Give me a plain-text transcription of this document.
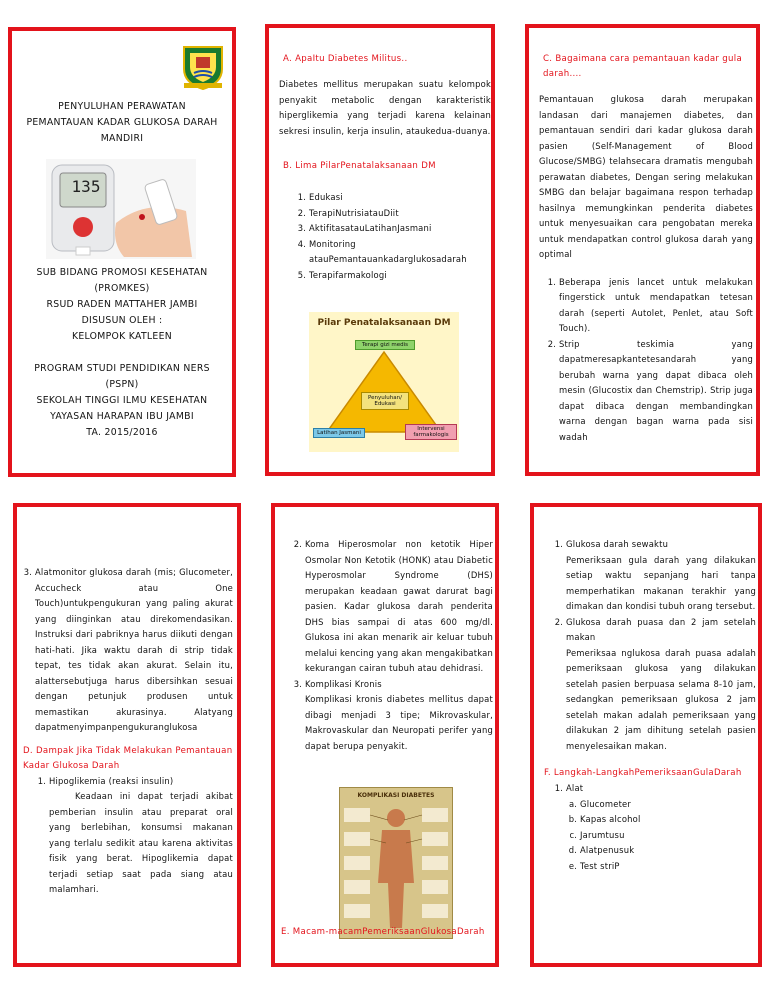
PENYULUHAN PERAWATAN
PEMANTAUAN KADAR GLUKOSA DARAH
MANDIRI
135
SUB BIDANG PROMOSI KESEHATAN
(PROMKES)
RSUD RADEN MATTAHER JAMBI
DISUSUN OLEH :
KELOMPOK KATLEEN
PROGRAM STUDI PENDIDIKAN NERS
(PSPN)
SEKOLAH TINGGI ILMU KESEHATAN
YAYASAN HARAPAN IBU JAMBI
TA. 2015/2016
A. ApaItu Diabetes Militus..
Diabetes mellitus merupakan suatu kelompok penyakit metabolic dengan karakteristik hiperglikemia yang terjadi karena kelainan sekresi insulin, kerja insulin, ataukedua-duanya.
B. Lima PilarPenatalaksanaan DM
1. Edukasi
2. TerapiNutrisiatauDiit
3. AktifitasatauLatihanJasmani
4. Monitoring atauPemantauankadarglukosadarah
5. Terapifarmakologi
Pilar Penatalaksanaan DM
Terapi gizi medis
Penyuluhan/ Edukasi
Latihan Jasmani
Intervensi farmakologis
C. Bagaimana cara pemantauan kadar gula darah....
Pemantauan glukosa darah merupakan landasan dari manajemen diabetes, dan pemantauan sendiri dari kadar glukosa darah pasien (Self-Management of Blood Glucose/SMBG) telahsecara dramatis mengubah perawatan diabetes, Dengan sering melakukan SMBG dan belajar bagaimana respon terhadap hasilnya memungkinkan penderita diabetes untuk menyesuaikan cara pengobatan mereka untuk mendapatkan control glukosa darah yang optimal
1. Beberapa jenis lancet untuk melakukan fingerstick untuk mendapatkan tetesan darah (seperti Autolet, Penlet, atau Soft Touch).
2. Strip teskimia yang dapatmeresapkantetesandarah yang berubah warna yang dapat dibaca oleh mesin (Glucostix dan Chemstrip). Strip juga dapat dibaca dengan membandingkan warna dengan bagan warna pada sisi wadah
3. Alatmonitor glukosa darah (mis; Glucometer, Accucheck atau One Touch)untukpengukuran yang paling akurat yang diinginkan atau direkomendasikan. Instruksi dari pabriknya harus diikuti dengan hati-hati. Jika waktu darah di strip tidak tepat, tes tidak akan akurat. Selain itu, alattersebutjuga harus dibersihkan sesuai dengan petunjuk produsen untuk memastikan akurasinya. Alatyang dapatmenyimpanpengukuranglukosa
D. Dampak Jika Tidak Melakukan Pemantauan Kadar Glukosa Darah
1. Hipoglikemia (reaksi insulin)
Keadaan ini dapat terjadi akibat pemberian insulin atau preparat oral yang berlebihan, konsumsi makanan yang terlalu sedikit atau karena aktivitas fisik yang berat. Hipoglikemia dapat terjadi setiap saat pada siang atau malamhari.
2. Koma Hiperosmolar non ketotik Hiper Osmolar Non Ketotik (HONK) atau Diabetic Hyperosmolar Syndrome (DHS) merupakan keadaan gawat darurat bagi pasien. Kadar glukosa darah penderita DHS bias sampai di atas 600 mg/dl. Glukosa ini akan menarik air keluar tubuh melalui kencing yang akan mengakibatkan kekurangan cairan tubuh atau dehidrasi.
3. Komplikasi Kronis
Komplikasi kronis diabetes mellitus dapat dibagi menjadi 3 tipe; Mikrovaskular, Makrovaskular dan Neuropati perifer yang dapat berupa penyakit.
KOMPLIKASI DIABETES
E. Macam-macamPemeriksaanGlukosaDarah
1. Glukosa darah sewaktu
Pemeriksaan gula darah yang dilakukan setiap waktu sepanjang hari tanpa memperhatikan makanan terakhir yang dimakan dan kondisi tubuh orang tersebut.
2. Glukosa darah puasa dan 2 jam setelah makan
Pemeriksaa nglukosa darah puasa adalah pemeriksaan glukosa yang dilakukan setelah pasien berpuasa selama 8-10 jam, sedangkan pemeriksaan glukosa 2 jam setelah makan adalah pemeriksaan yang dilakukan 2 jam dihitung setelah pasien menyelesaikan makan.
F. Langkah-LangkahPemeriksaanGulaDarah
1. Alat
a. Glucometer
b. Kapas alcohol
c. Jarumtusu
d. Alatpenusuk
e. Test striP
